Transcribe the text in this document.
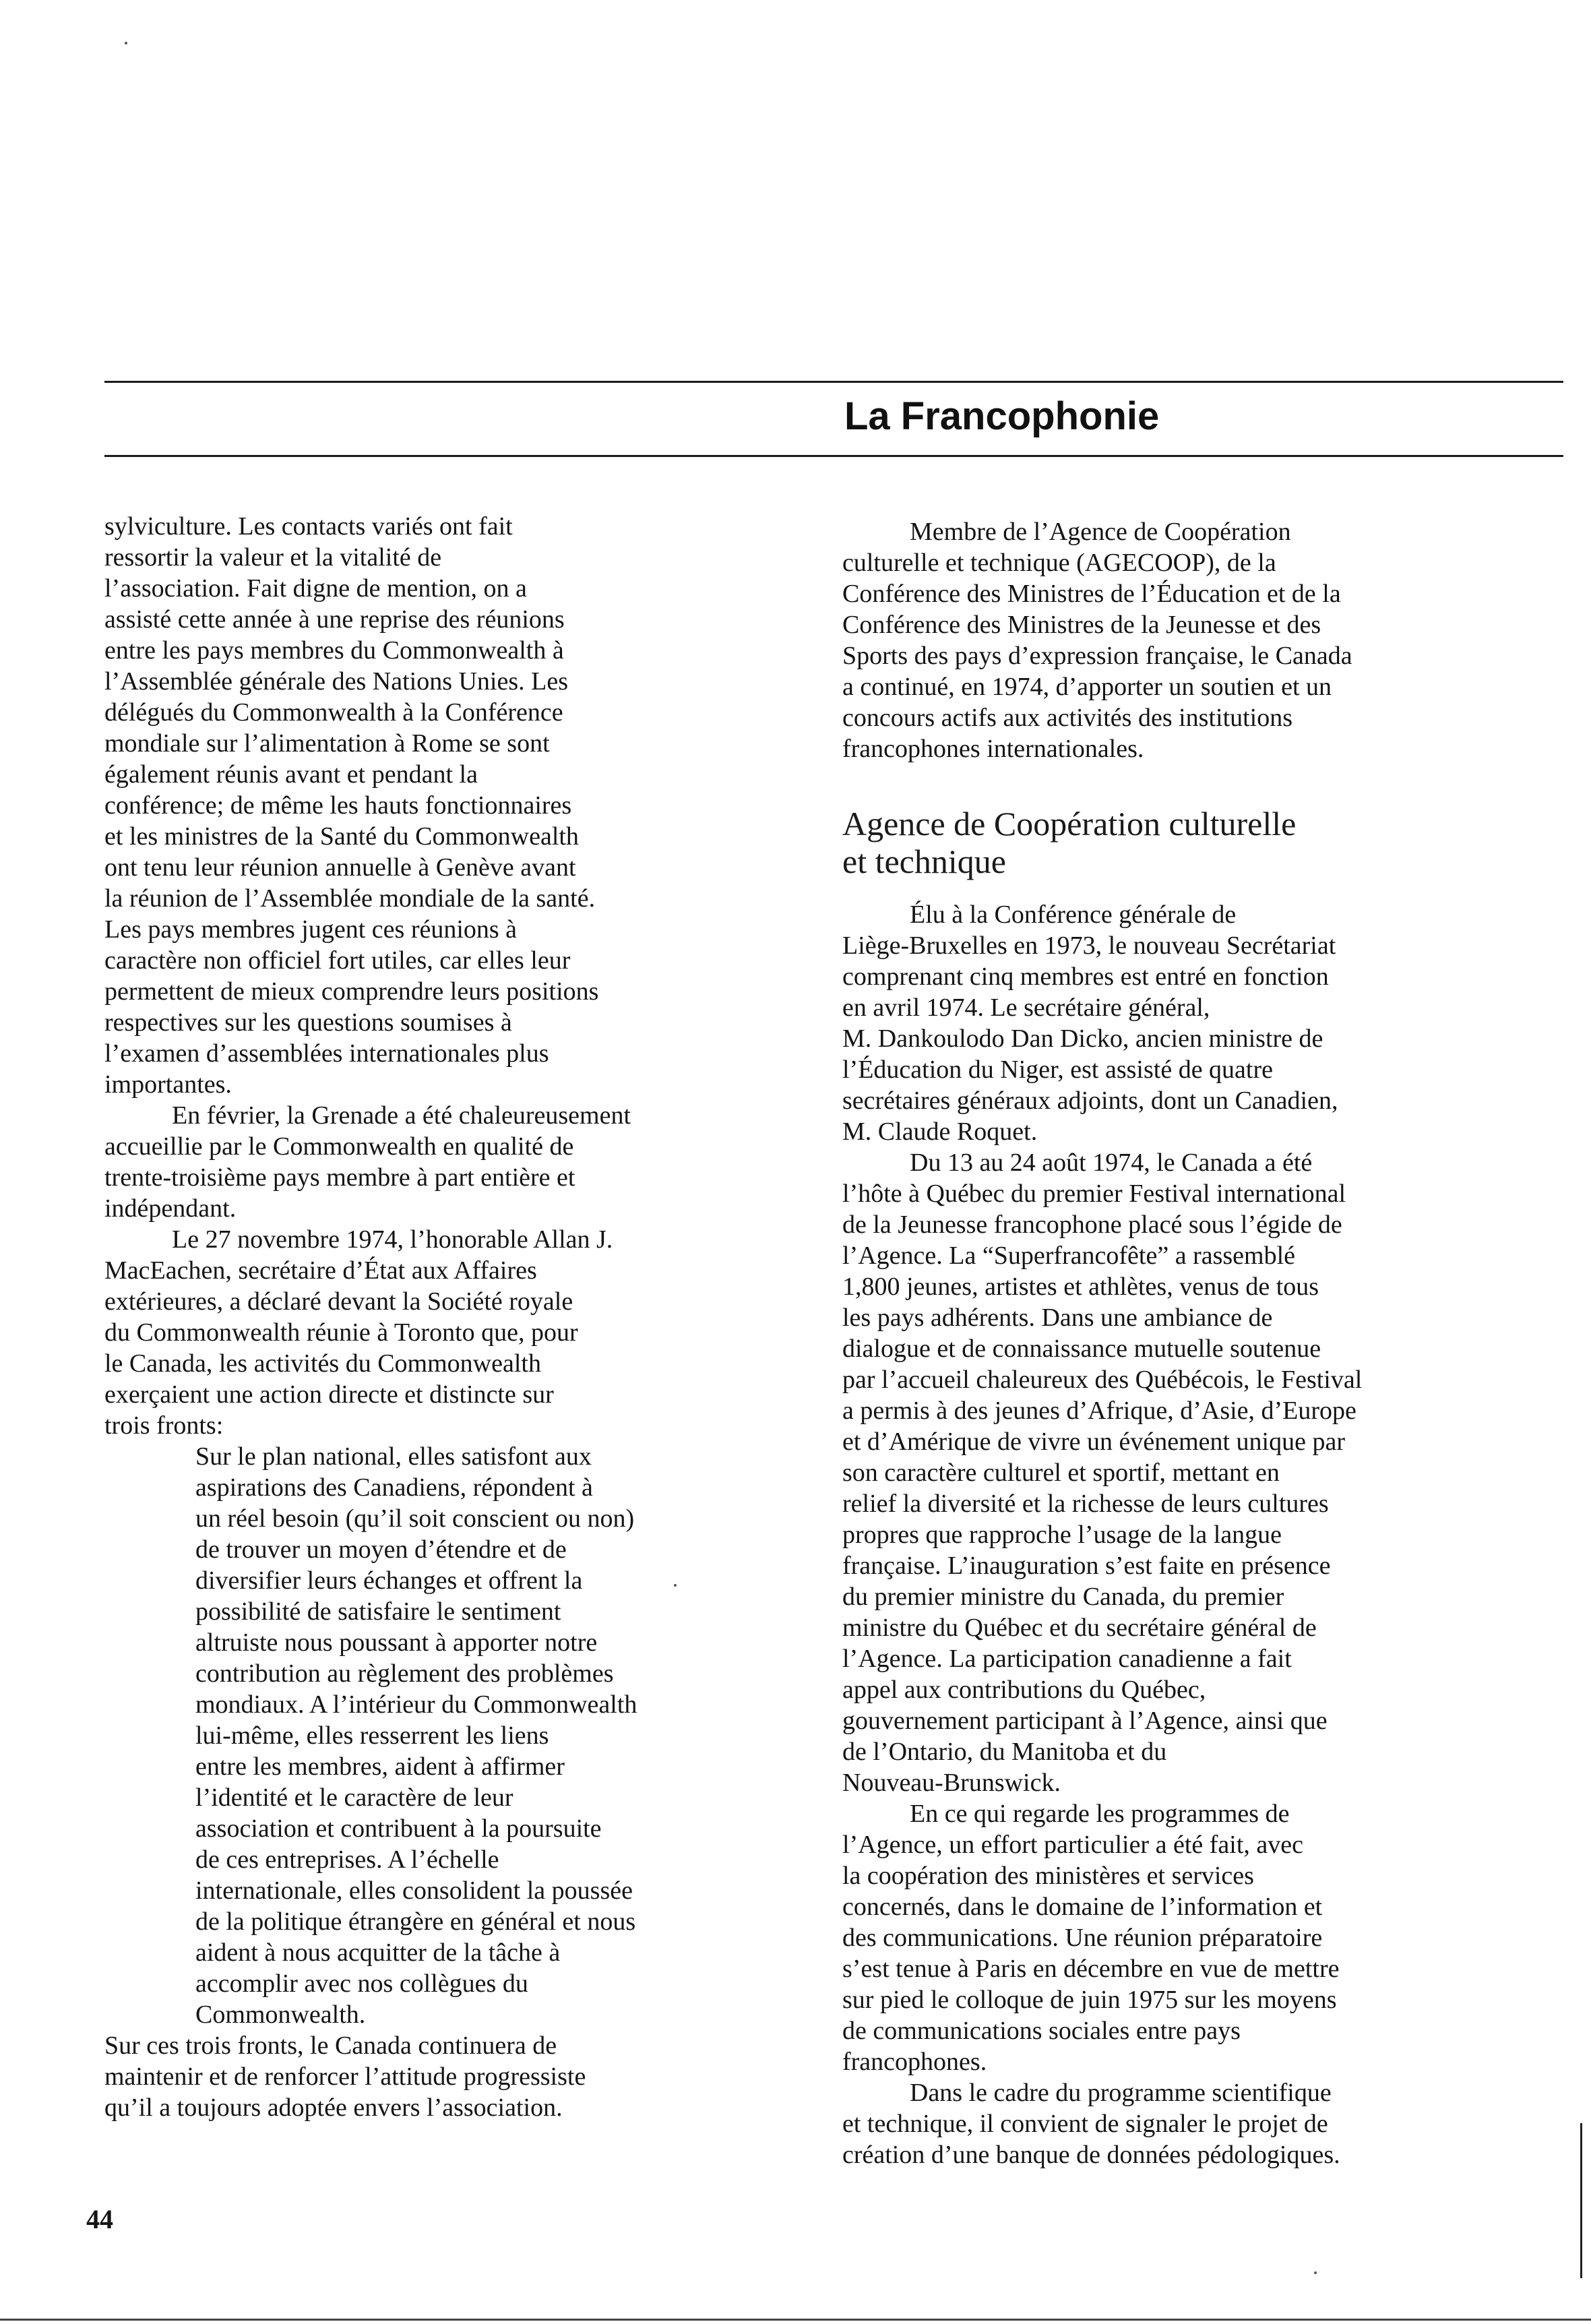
La Francophonie

sylviculture. Les contacts variés ont fait
ressortir la valeur et la vitalité de
l’association. Fait digne de mention, on a
assisté cette année à une reprise des réunions
entre les pays membres du Commonwealth à
l’Assemblée générale des Nations Unies. Les
délégués du Commonwealth à la Conférence
mondiale sur l’alimentation à Rome se sont
également réunis avant et pendant la
conférence; de même les hauts fonctionnaires
et les ministres de la Santé du Commonwealth
ont tenu leur réunion annuelle à Genève avant
la réunion de l’Assemblée mondiale de la santé.
Les pays membres jugent ces réunions à
caractère non officiel fort utiles, car elles leur
permettent de mieux comprendre leurs positions
respectives sur les questions soumises à
l’examen d’assemblées internationales plus
importantes.

En février, la Grenade a été chaleureusement
accueillie par le Commonwealth en qualité de
trente-troisième pays membre à part entière et
indépendant.

Le 27 novembre 1974, l’honorable Allan J.
MacEachen, secrétaire d’État aux Affaires
extérieures, a déclaré devant la Société royale
du Commonwealth réunie à Toronto que, pour
le Canada, les activités du Commonwealth
exerçaient une action directe et distincte sur
trois fronts:

Sur le plan national, elles satisfont aux
aspirations des Canadiens, répondent à
un réel besoin (qu’il soit conscient ou non)
de trouver un moyen d’étendre et de
diversifier leurs échanges et offrent la
possibilité de satisfaire le sentiment
altruiste nous poussant à apporter notre
contribution au règlement des problèmes
mondiaux. A l’intérieur du Commonwealth
lui-même, elles resserrent les liens
entre les membres, aident à affirmer
l’identité et le caractère de leur
association et contribuent à la poursuite
de ces entreprises. A l’échelle
internationale, elles consolident la poussée
de la politique étrangère en général et nous
aident à nous acquitter de la tâche à
accomplir avec nos collègues du
Commonwealth.

Sur ces trois fronts, le Canada continuera de
maintenir et de renforcer l’attitude progressiste
qu’il a toujours adoptée envers l’association.

Membre de l’Agence de Coopération
culturelle et technique (AGECOOP), de la
Conférence des Ministres de l’Éducation et de la
Conférence des Ministres de la Jeunesse et des
Sports des pays d’expression française, le Canada
a continué, en 1974, d’apporter un soutien et un
concours actifs aux activités des institutions
francophones internationales.

Agence de Coopération culturelle
et technique

Élu à la Conférence générale de
Liège-Bruxelles en 1973, le nouveau Secrétariat
comprenant cinq membres est entré en fonction
en avril 1974. Le secrétaire général,
M. Dankoulodo Dan Dicko, ancien ministre de
l’Éducation du Niger, est assisté de quatre
secrétaires généraux adjoints, dont un Canadien,
M. Claude Roquet.

Du 13 au 24 août 1974, le Canada a été
l’hôte à Québec du premier Festival international
de la Jeunesse francophone placé sous l’égide de
l’Agence. La “Superfrancofête” a rassemblé
1,800 jeunes, artistes et athlètes, venus de tous
les pays adhérents. Dans une ambiance de
dialogue et de connaissance mutuelle soutenue
par l’accueil chaleureux des Québécois, le Festival
a permis à des jeunes d’Afrique, d’Asie, d’Europe
et d’Amérique de vivre un événement unique par
son caractère culturel et sportif, mettant en
relief la diversité et la richesse de leurs cultures
propres que rapproche l’usage de la langue
française. L’inauguration s’est faite en présence
du premier ministre du Canada, du premier
ministre du Québec et du secrétaire général de
l’Agence. La participation canadienne a fait
appel aux contributions du Québec,
gouvernement participant à l’Agence, ainsi que
de l’Ontario, du Manitoba et du
Nouveau-Brunswick.

En ce qui regarde les programmes de
l’Agence, un effort particulier a été fait, avec
la coopération des ministères et services
concernés, dans le domaine de l’information et
des communications. Une réunion préparatoire
s’est tenue à Paris en décembre en vue de mettre
sur pied le colloque de juin 1975 sur les moyens
de communications sociales entre pays
francophones.

Dans le cadre du programme scientifique
et technique, il convient de signaler le projet de
création d’une banque de données pédologiques.

44
